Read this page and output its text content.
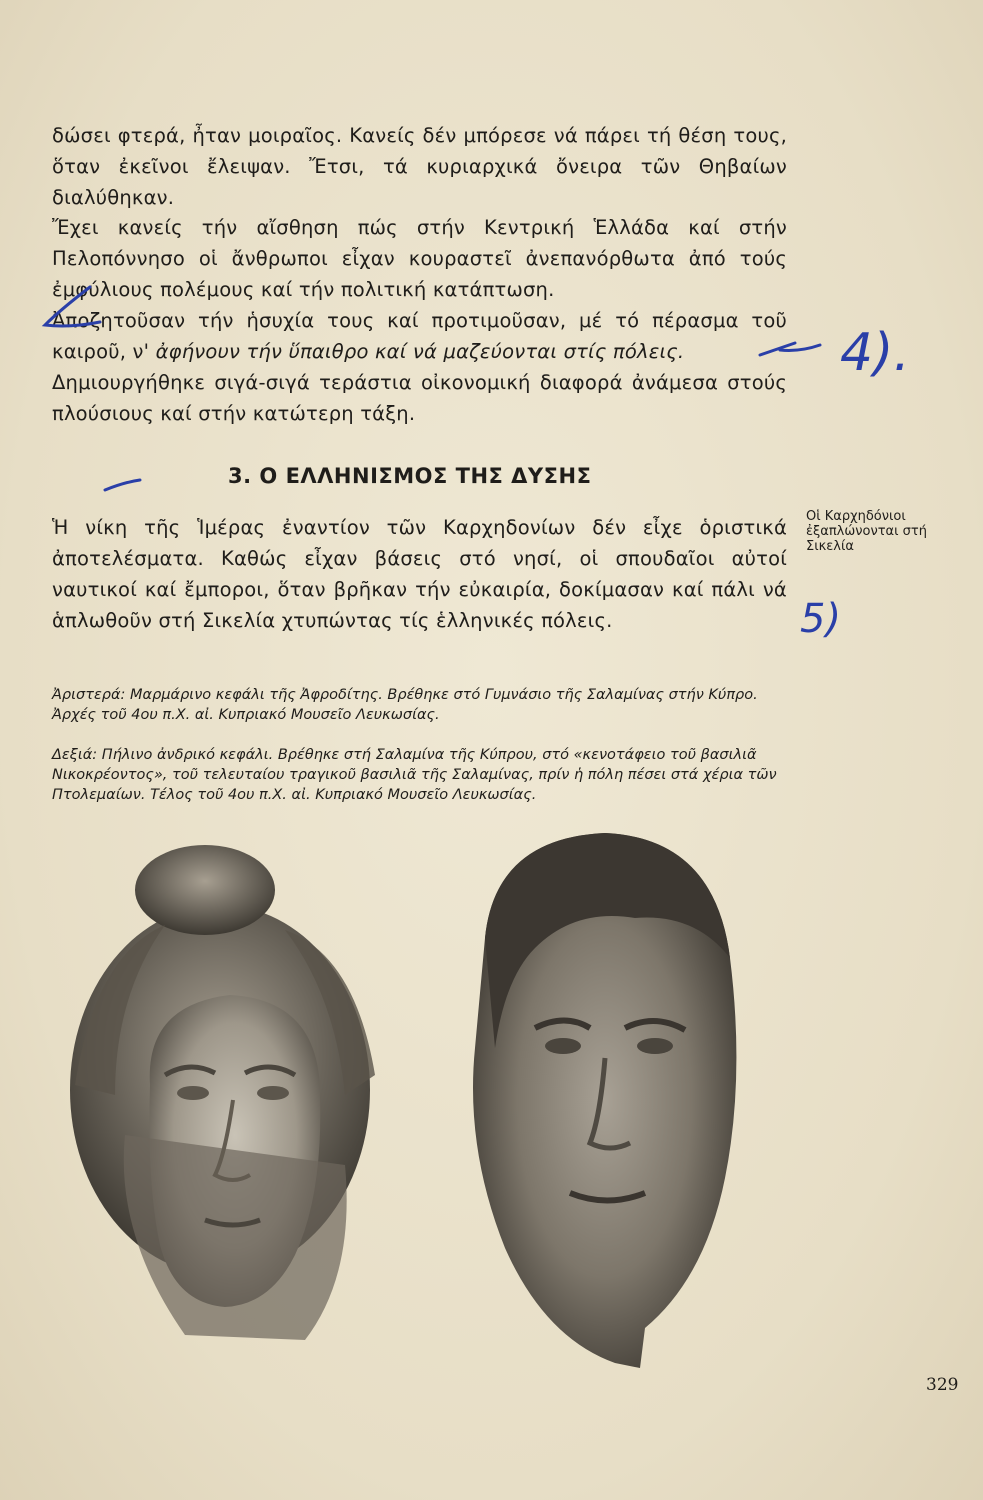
δώσει φτερά, ἦταν μοιραῖος. Κανείς δέν μπόρεσε νά πάρει τή θέση τους, ὅταν ἐκεῖνοι ἔλειψαν. Ἔτσι, τά κυριαρχικά ὄνειρα τῶν Θηβαίων διαλύθηκαν.

Ἔχει κανείς τήν αἴσθηση πώς στήν Κεντρική Ἑλλάδα καί στήν Πελοπόννησο οἱ ἄνθρωποι εἶχαν κουραστεῖ ἀνεπανόρθωτα ἀπό τούς ἐμφύλιους πολέμους καί τήν πολιτική κατάπτωση.

Ἀποζητοῦσαν τήν ἡσυχία τους καί προτιμοῦσαν, μέ τό πέρασμα τοῦ καιροῦ, ν' ἀφήνουν τήν ὕπαιθρο καί νά μαζεύονται στίς πόλεις.

Δημιουργήθηκε σιγά-σιγά τεράστια οἰκονομική διαφορά ἀνάμεσα στούς πλούσιους καί στήν κατώτερη τάξη.

3. Ο ΕΛΛΗΝΙΣΜΟΣ ΤΗΣ ΔΥΣΗΣ

Ἡ νίκη τῆς Ἱμέρας ἐναντίον τῶν Καρχηδονίων δέν εἶχε ὁριστικά ἀποτελέσματα. Καθώς εἶχαν βάσεις στό νησί, οἱ σπουδαῖοι αὐτοί ναυτικοί καί ἔμποροι, ὅταν βρῆκαν τήν εὐκαιρία, δοκίμασαν καί πάλι νά ἁπλωθοῦν στή Σικελία χτυπώντας τίς ἑλληνικές πόλεις.

Οἱ Καρχηδόνιοι ἐξαπλώνονται στή Σικελία

Ἀριστερά: Μαρμάρινο κεφάλι τῆς Ἀφροδίτης. Βρέθηκε στό Γυμνάσιο τῆς Σαλαμίνας στήν Κύπρο. Ἀρχές τοῦ 4ου π.Χ. αἰ. Κυπριακό Μουσεῖο Λευκωσίας.

Δεξιά: Πήλινο ἀνδρικό κεφάλι. Βρέθηκε στή Σαλαμίνα τῆς Κύπρου, στό «κενοτάφειο τοῦ βασιλιᾶ Νικοκρέοντος», τοῦ τελευταίου τραγικοῦ βασιλιᾶ τῆς Σαλαμίνας, πρίν ἡ πόλη πέσει στά χέρια τῶν Πτολεμαίων. Τέλος τοῦ 4ου π.Χ. αἰ. Κυπριακό Μουσεῖο Λευκωσίας.

4).
5)
329
